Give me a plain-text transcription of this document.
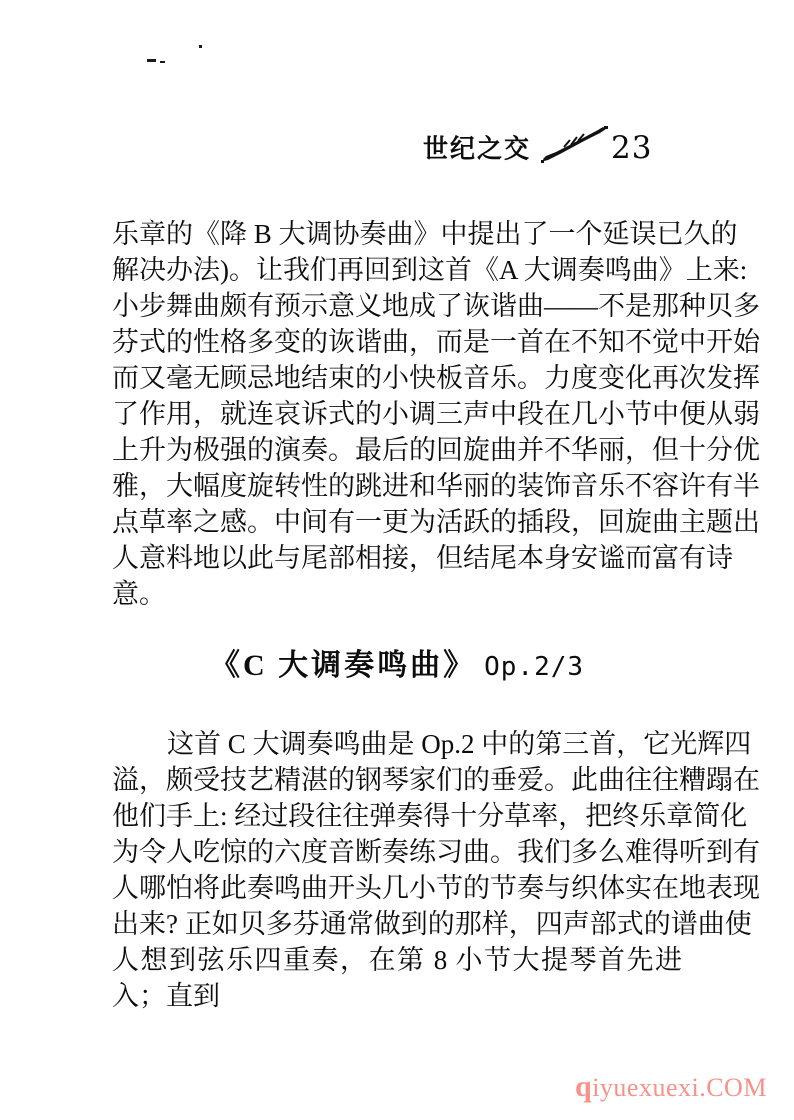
世纪之交	23
乐章的《降 B 大调协奏曲》中提出了一个延误已久的
解决办法)。让我们再回到这首《A 大调奏鸣曲》上来:
小步舞曲颇有预示意义地成了诙谐曲——不是那种贝多
芬式的性格多变的诙谐曲，而是一首在不知不觉中开始
而又毫无顾忌地结束的小快板音乐。力度变化再次发挥
了作用，就连哀诉式的小调三声中段在几小节中便从弱
上升为极强的演奏。最后的回旋曲并不华丽，但十分优
雅，大幅度旋转性的跳进和华丽的装饰音乐不容许有半
点草率之感。中间有一更为活跃的插段，回旋曲主题出
人意料地以此与尾部相接，但结尾本身安谧而富有诗
意。
《C 大调奏鸣曲》 Op.2/3
这首 C 大调奏鸣曲是 Op.2 中的第三首，它光辉四
溢，颇受技艺精湛的钢琴家们的垂爱。此曲往往糟蹋在
他们手上: 经过段往往弹奏得十分草率，把终乐章简化
为令人吃惊的六度音断奏练习曲。我们多么难得听到有
人哪怕将此奏鸣曲开头几小节的节奏与织体实在地表现
出来? 正如贝多芬通常做到的那样，四声部式的谱曲使
人想到弦乐四重奏，在第 8 小节大提琴首先进入；直到
qiyuexuexi.COM
